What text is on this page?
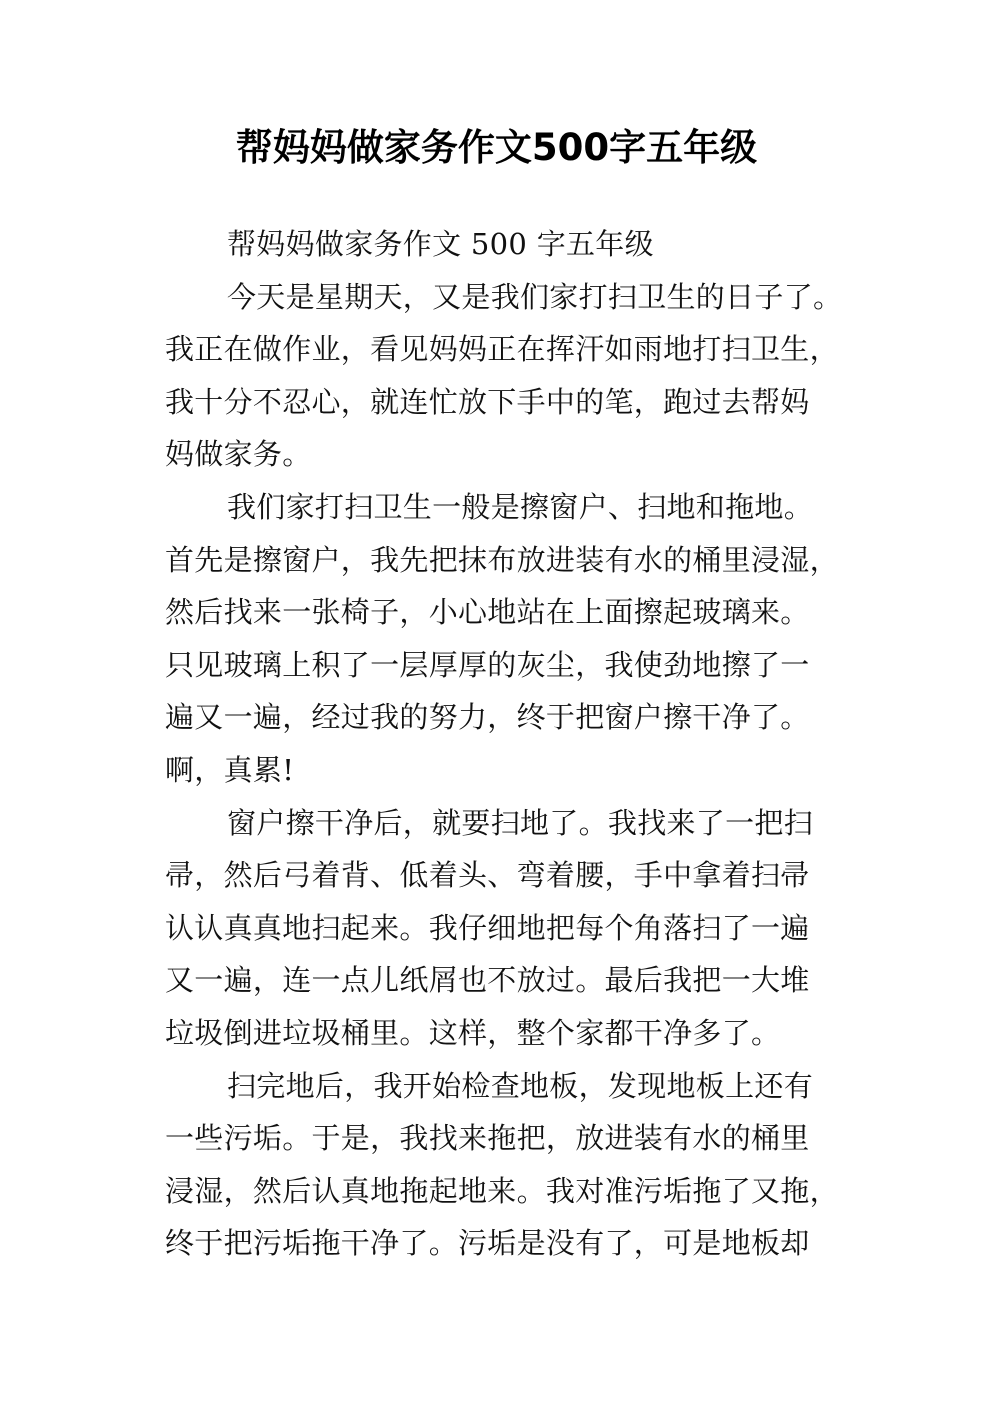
帮妈妈做家务作文500字五年级
帮妈妈做家务作文 500 字五年级
今天是星期天，又是我们家打扫卫生的日子了。
我正在做作业，看见妈妈正在挥汗如雨地打扫卫生，
我十分不忍心，就连忙放下手中的笔，跑过去帮妈
妈做家务。
我们家打扫卫生一般是擦窗户、扫地和拖地。
首先是擦窗户，我先把抹布放进装有水的桶里浸湿，
然后找来一张椅子，小心地站在上面擦起玻璃来。
只见玻璃上积了一层厚厚的灰尘，我使劲地擦了一
遍又一遍，经过我的努力，终于把窗户擦干净了。
啊，真累!
窗户擦干净后，就要扫地了。我找来了一把扫
帚，然后弓着背、低着头、弯着腰，手中拿着扫帚
认认真真地扫起来。我仔细地把每个角落扫了一遍
又一遍，连一点儿纸屑也不放过。最后我把一大堆
垃圾倒进垃圾桶里。这样，整个家都干净多了。
扫完地后，我开始检查地板，发现地板上还有
一些污垢。于是，我找来拖把，放进装有水的桶里
浸湿，然后认真地拖起地来。我对准污垢拖了又拖，
终于把污垢拖干净了。污垢是没有了，可是地板却
